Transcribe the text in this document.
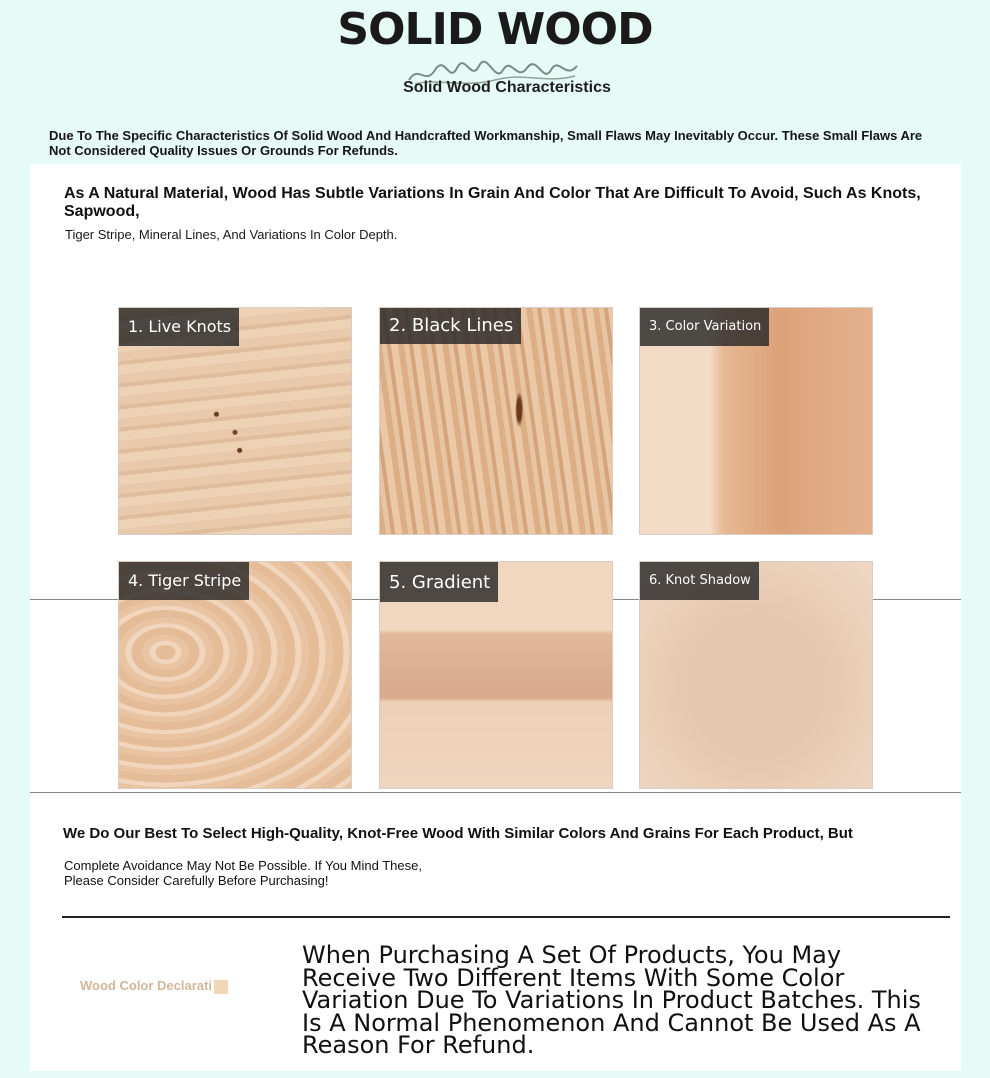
SOLID WOOD
Solid Wood Characteristics
Due To The Specific Characteristics Of Solid Wood And Handcrafted Workmanship, Small Flaws May Inevitably Occur. These Small Flaws Are Not Considered Quality Issues Or Grounds For Refunds.
As A Natural Material, Wood Has Subtle Variations In Grain And Color That Are Difficult To Avoid, Such As Knots, Sapwood,
Tiger Stripe, Mineral Lines, And Variations In Color Depth.
1. Live Knots	2. Black Lines	3. Color Variation
4. Tiger Stripe	5. Gradient	6. Knot Shadow
We Do Our Best To Select High-Quality, Knot-Free Wood With Similar Colors And Grains For Each Product, But
Complete Avoidance May Not Be Possible. If You Mind These,
Please Consider Carefully Before Purchasing!
Wood Color Declarati
When Purchasing A Set Of Products, You May Receive Two Different Items With Some Color Variation Due To Variations In Product Batches. This Is A Normal Phenomenon And Cannot Be Used As A Reason For Refund.
